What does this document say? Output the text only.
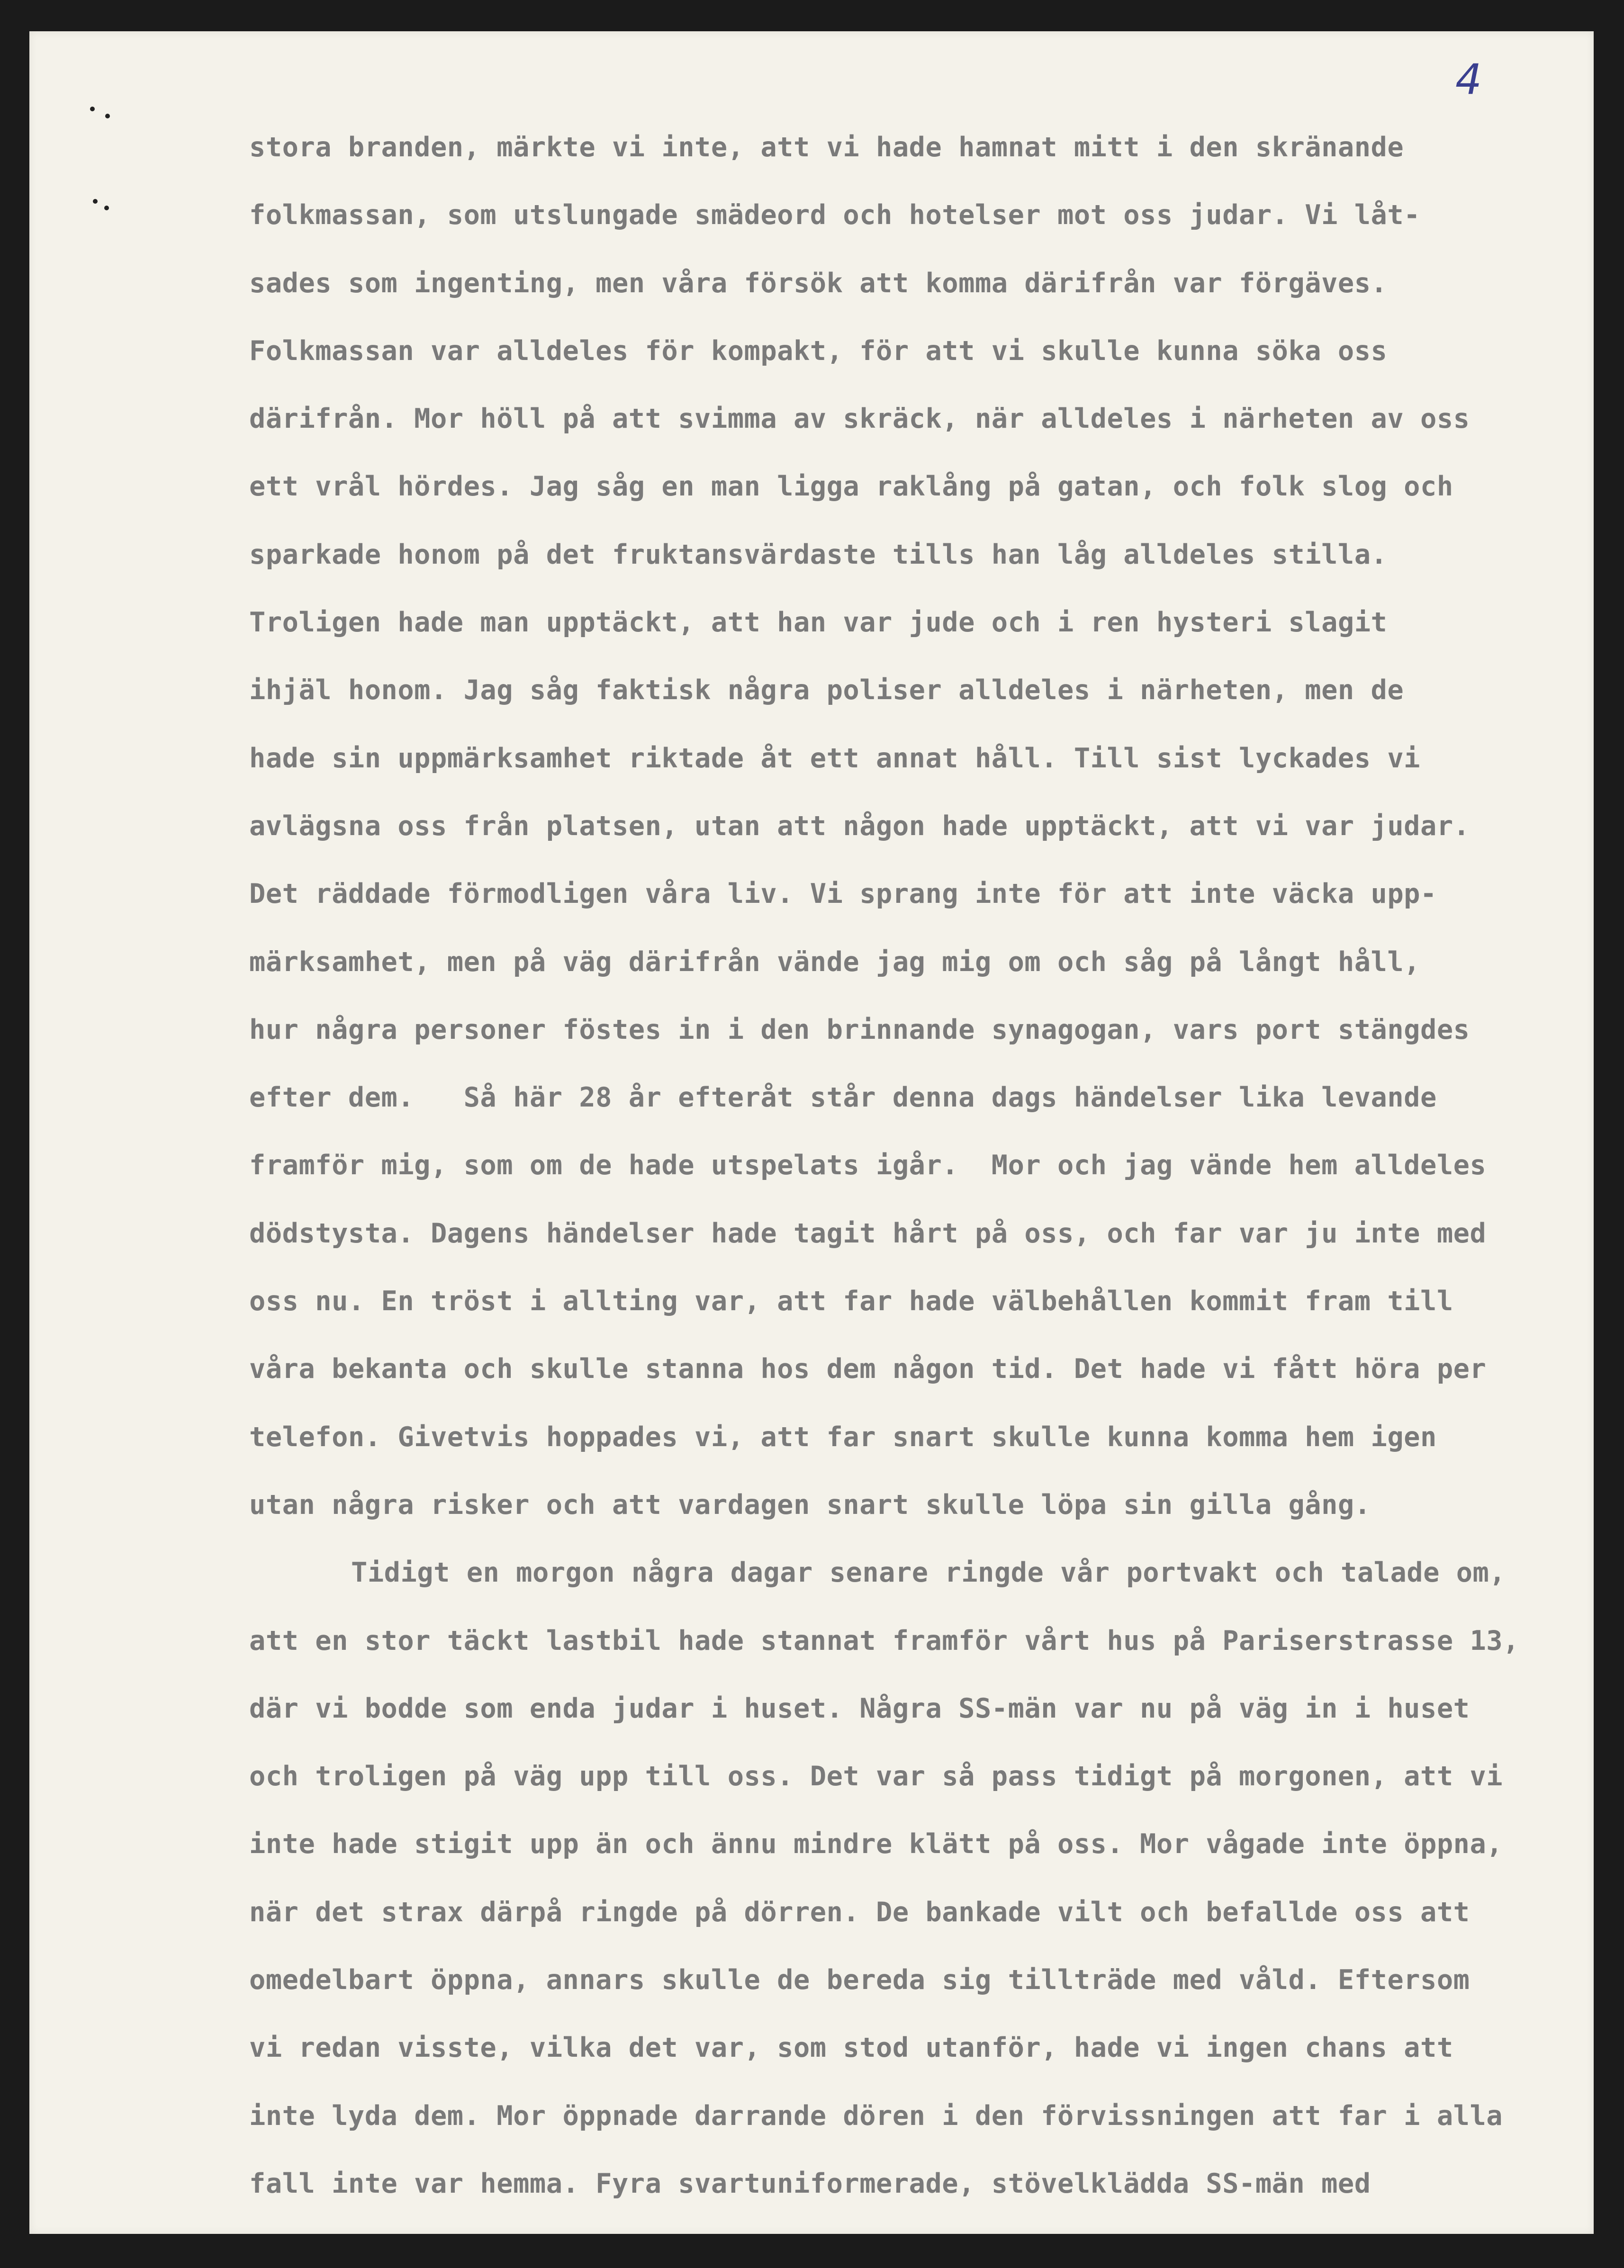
4
stora branden, märkte vi inte, att vi hade hamnat mitt i den skränande
folkmassan, som utslungade smädeord och hotelser mot oss judar. Vi låt-
sades som ingenting, men våra försök att komma därifrån var förgäves.
Folkmassan var alldeles för kompakt, för att vi skulle kunna söka oss
därifrån. Mor höll på att svimma av skräck, när alldeles i närheten av oss
ett vrål hördes. Jag såg en man ligga raklång på gatan, och folk slog och
sparkade honom på det fruktansvärdaste tills han låg alldeles stilla.
Troligen hade man upptäckt, att han var jude och i ren hysteri slagit
ihjäl honom. Jag såg faktisk några poliser alldeles i närheten, men de
hade sin uppmärksamhet riktade åt ett annat håll. Till sist lyckades vi
avlägsna oss från platsen, utan att någon hade upptäckt, att vi var judar.
Det räddade förmodligen våra liv. Vi sprang inte för att inte väcka upp-
märksamhet, men på väg därifrån vände jag mig om och såg på långt håll,
hur några personer föstes in i den brinnande synagogan, vars port stängdes
efter dem.   Så här 28 år efteråt står denna dags händelser lika levande
framför mig, som om de hade utspelats igår.  Mor och jag vände hem alldeles
dödstysta. Dagens händelser hade tagit hårt på oss, och far var ju inte med
oss nu. En tröst i allting var, att far hade välbehållen kommit fram till
våra bekanta och skulle stanna hos dem någon tid. Det hade vi fått höra per
telefon. Givetvis hoppades vi, att far snart skulle kunna komma hem igen
utan några risker och att vardagen snart skulle löpa sin gilla gång.
Tidigt en morgon några dagar senare ringde vår portvakt och talade om,
att en stor täckt lastbil hade stannat framför vårt hus på Pariserstrasse 13,
där vi bodde som enda judar i huset. Några SS-män var nu på väg in i huset
och troligen på väg upp till oss. Det var så pass tidigt på morgonen, att vi
inte hade stigit upp än och ännu mindre klätt på oss. Mor vågade inte öppna,
när det strax därpå ringde på dörren. De bankade vilt och befallde oss att
omedelbart öppna, annars skulle de bereda sig tillträde med våld. Eftersom
vi redan visste, vilka det var, som stod utanför, hade vi ingen chans att
inte lyda dem. Mor öppnade darrande dören i den förvissningen att far i alla
fall inte var hemma. Fyra svartuniformerade, stövelklädda SS-män med
